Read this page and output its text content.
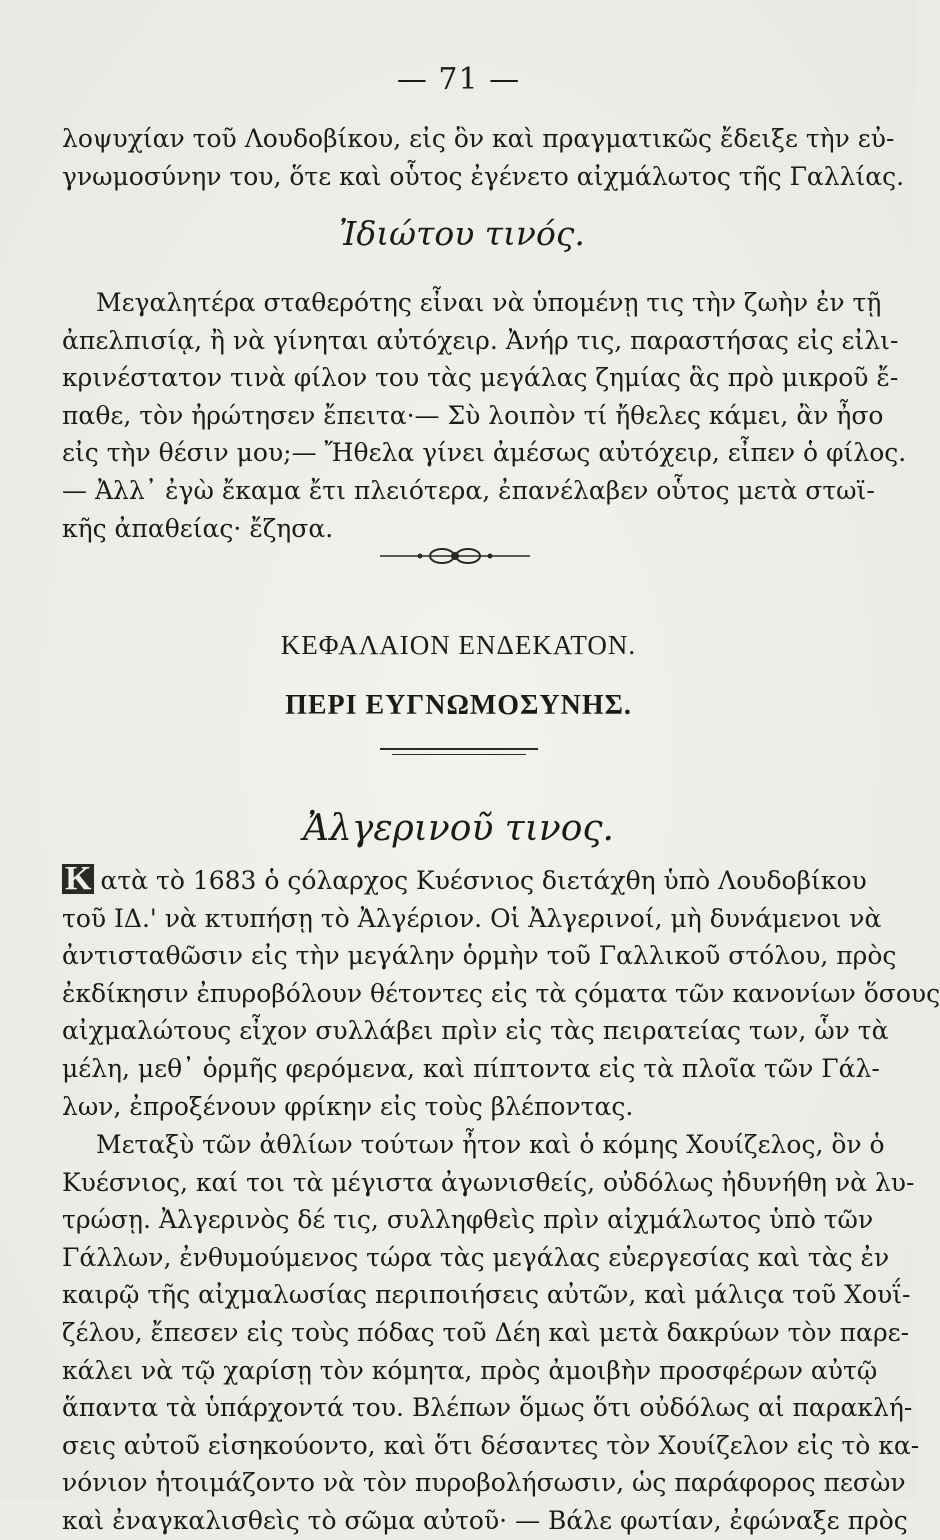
— 71 —
λοψυχίαν τοῦ Λουδοβίκου, εἰς ὃν καὶ πραγματικῶς ἔδειξε τὴν εὐ-
γνωμοσύνην του, ὅτε καὶ οὗτος ἐγένετο αἰχμάλωτος τῆς Γαλλίας.
Ἰδιώτου τινός.
Μεγαλητέρα σταθερότης εἶναι νὰ ὑπομένῃ τις τὴν ζωὴν ἐν τῇ
ἀπελπισίᾳ, ἢ νὰ γίνηται αὐτόχειρ. Ἀνήρ τις, παραστήσας εἰς εἰλι-
κρινέστατον τινὰ φίλον του τὰς μεγάλας ζημίας ἃς πρὸ μικροῦ ἔ-
παθε, τὸν ἠρώτησεν ἔπειτα·— Σὺ λοιπὸν τί ἤθελες κάμει, ἂν ἦσο
εἰς τὴν θέσιν μου;— Ἤθελα γίνει ἀμέσως αὐτόχειρ, εἶπεν ὁ φίλος.
— Ἀλλ᾽ ἐγὼ ἔκαμα ἔτι πλειότερα, ἐπανέλαβεν οὗτος μετὰ στωϊ-
κῆς ἀπαθείας· ἔζησα.
ΚΕΦΑΛΑΙΟΝ ΕΝΔΕΚΑΤΟΝ.
ΠΕΡΙ ΕΥΓΝΩΜΟΣΥΝΗΣ.
Ἀλγερινοῦ τινος.
Κ ατὰ τὸ 1683 ὁ ςόλαρχος Κυέσνιος διετάχθη ὑπὸ Λουδοβίκου
τοῦ ΙΔ.' νὰ κτυπήσῃ τὸ Ἀλγέριον. Οἱ Ἀλγερινοί, μὴ δυνάμενοι νὰ
ἀντισταθῶσιν εἰς τὴν μεγάλην ὁρμὴν τοῦ Γαλλικοῦ στόλου, πρὸς
ἐκδίκησιν ἐπυροβόλουν θέτοντες εἰς τὰ ςόματα τῶν κανονίων ὅσους
αἰχμαλώτους εἶχον συλλάβει πρὶν εἰς τὰς πειρατείας των, ὧν τὰ
μέλη, μεθ᾽ ὁρμῆς φερόμενα, καὶ πίπτοντα εἰς τὰ πλοῖα τῶν Γάλ-
λων, ἐπροξένουν φρίκην εἰς τοὺς βλέποντας.
Μεταξὺ τῶν ἀθλίων τούτων ἦτον καὶ ὁ κόμης Χουίζελος, ὃν ὁ
Κυέσνιος, καί τοι τὰ μέγιστα ἀγωνισθείς, οὐδόλως ἠδυνήθη νὰ λυ-
τρώσῃ. Ἀλγερινὸς δέ τις, συλληφθεὶς πρὶν αἰχμάλωτος ὑπὸ τῶν
Γάλλων, ἐνθυμούμενος τώρα τὰς μεγάλας εὐεργεσίας καὶ τὰς ἐν
καιρῷ τῆς αἰχμαλωσίας περιποιήσεις αὐτῶν, καὶ μάλιςα τοῦ Χουΐ-
ζέλου, ἔπεσεν εἰς τοὺς πόδας τοῦ Δέη καὶ μετὰ δακρύων τὸν παρε-
κάλει νὰ τῷ χαρίσῃ τὸν κόμητα, πρὸς ἀμοιβὴν προσφέρων αὐτῷ
ἅπαντα τὰ ὑπάρχοντά του. Βλέπων ὅμως ὅτι οὐδόλως αἱ παρακλή-
σεις αὐτοῦ εἰσηκούοντο, καὶ ὅτι δέσαντες τὸν Χουίζελον εἰς τὸ κα-
νόνιον ἡτοιμάζοντο νὰ τὸν πυροβολήσωσιν, ὡς παράφορος πεσὼν
καὶ ἐναγκαλισθεὶς τὸ σῶμα αὐτοῦ· — Βάλε φωτίαν, ἐφώναξε πρὸς
